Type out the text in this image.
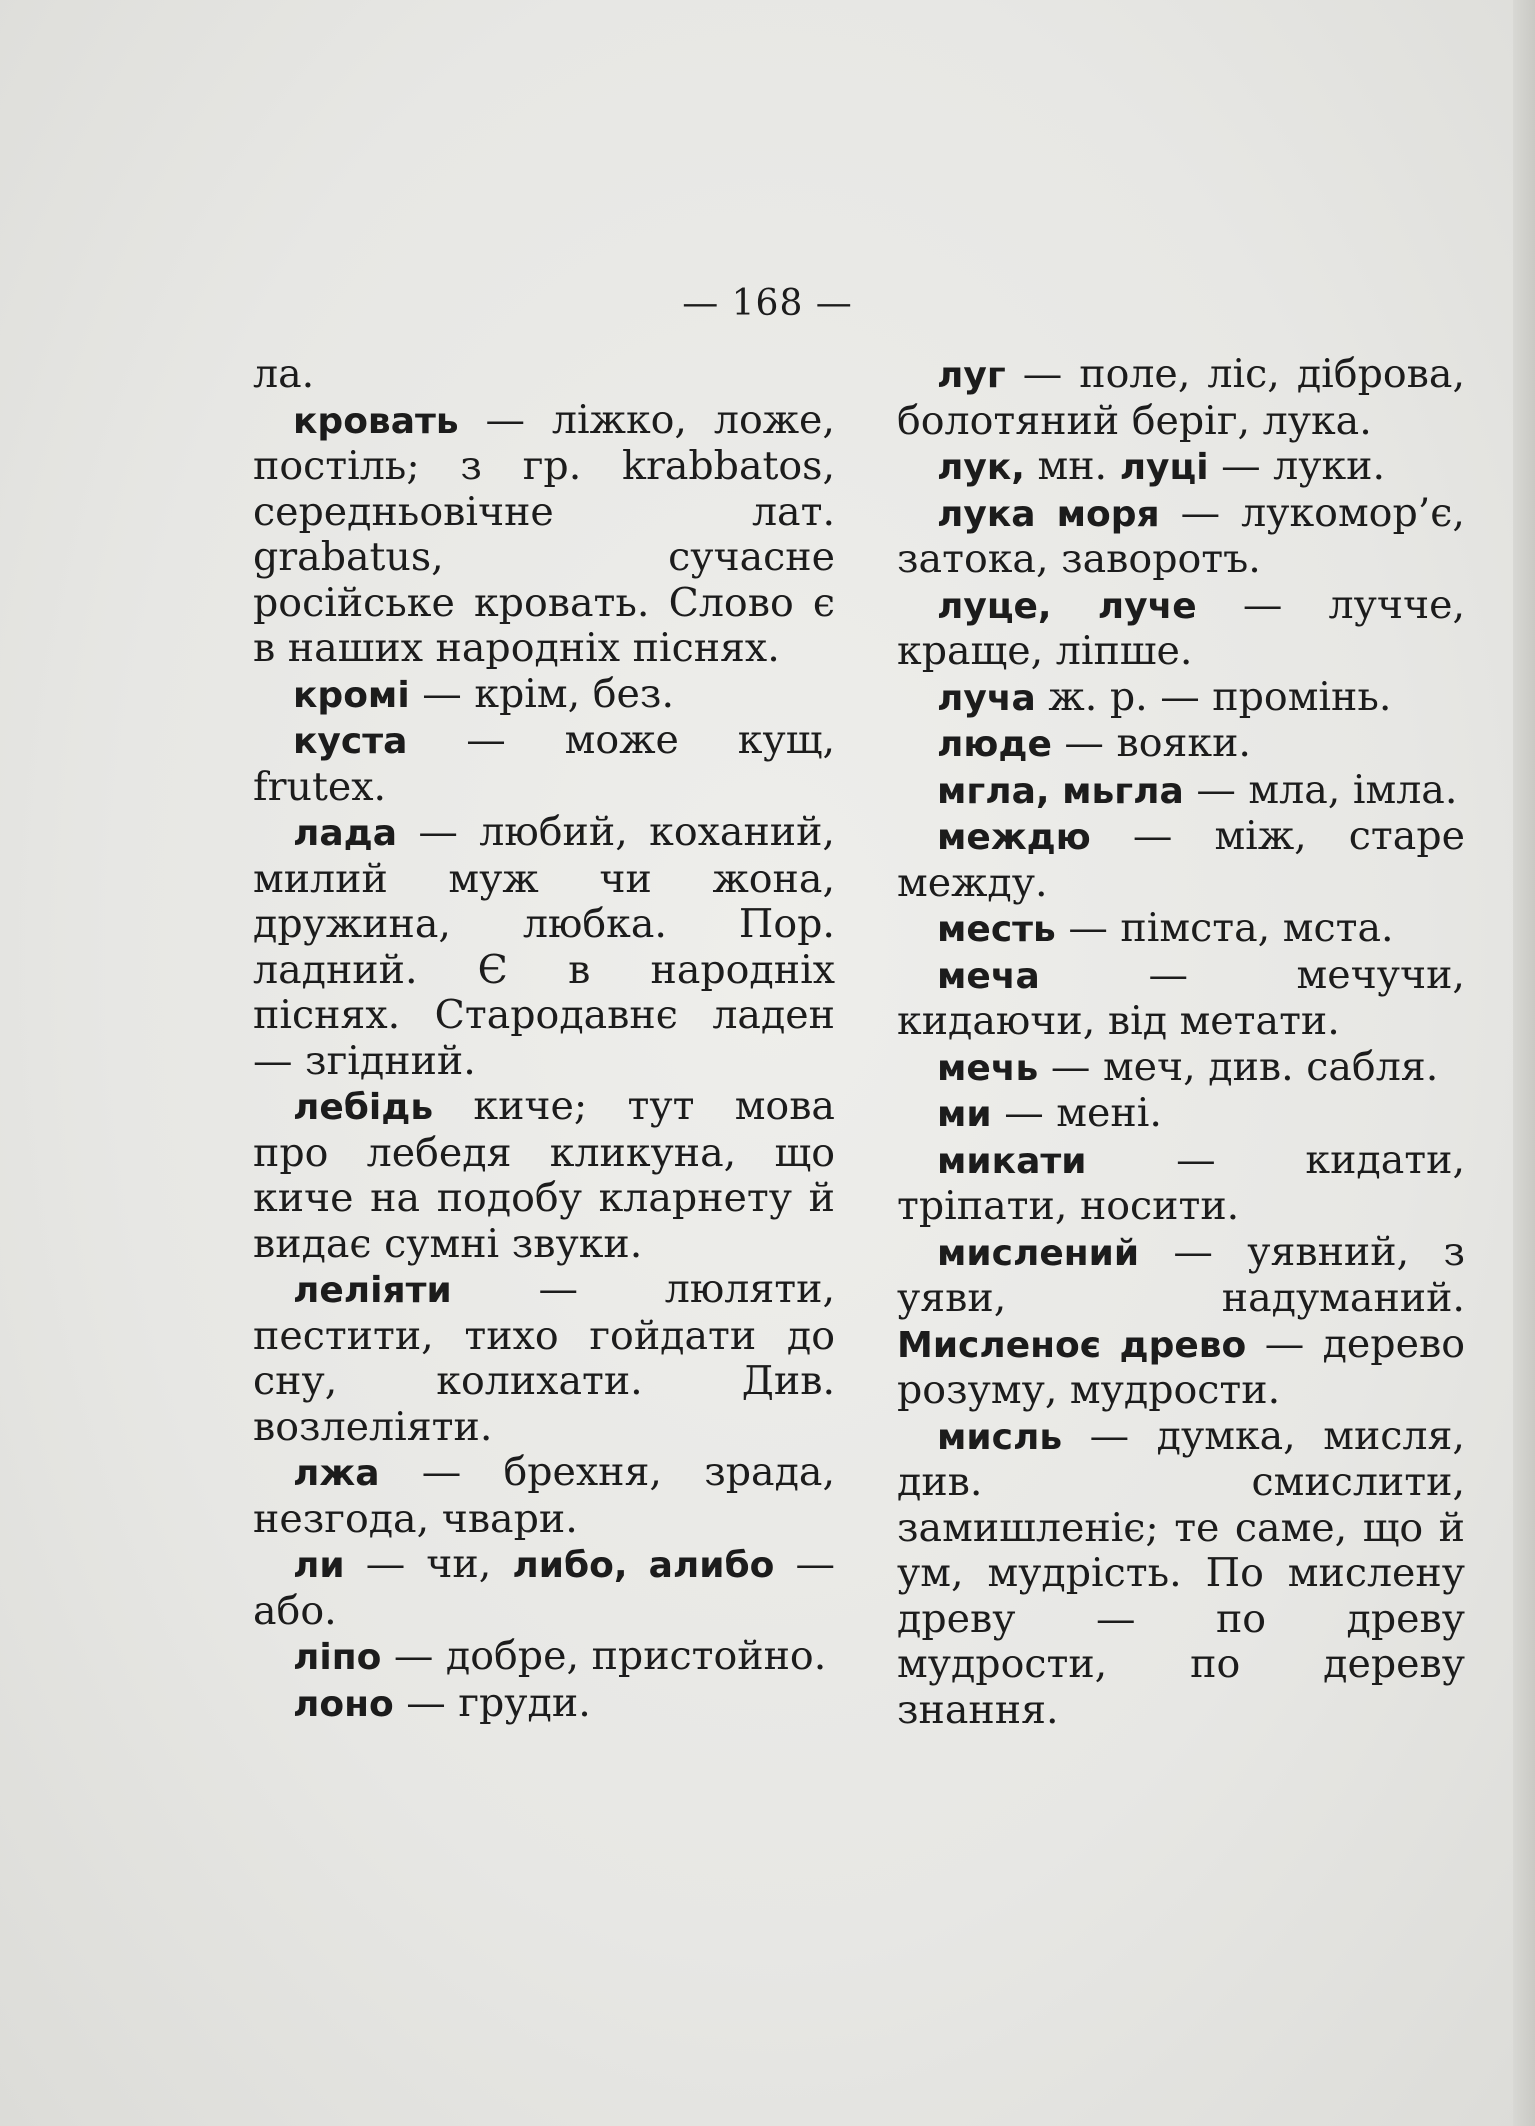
— 168 —
ла.
кровать — ліжко, ложе, постіль; з гр. krabbatos, середньовічне лат. grabatus, сучасне російське кровать. Слово є в наших народніх піснях.
кромі — крім, без.
куста — може кущ, frutex.
лада — любий, коханий, милий муж чи жона, дружина, любка. Пор. ладний. Є в народніх піснях. Стародавнє ладен — згідний.
лебідь киче; тут мова про лебедя кликуна, що киче на подобу кларнету й видає сумні звуки.
леліяти — люляти, пестити, тихо гойдати до сну, колихати. Див. возлеліяти.
лжа — брехня, зрада, незгода, чвари.
ли — чи, либо, алибо — або.
ліпо — добре, пристойно.
лоно — груди.
луг — поле, ліс, діброва, болотяний беріг, лука.
лук, мн. луці — луки.
лука моря — лукомор’є, затока, заворотъ.
луце, луче — лучче, краще, ліпше.
луча ж. р. — промінь.
люде — вояки.
мгла, мьгла — мла, імла.
междю — між, старе между.
месть — пімста, мста.
меча — мечучи, кидаючи, від метати.
мечь — меч, див. сабля.
ми — мені.
микати — кидати, тріпати, носити.
мислений — уявний, з уяви, надуманий. Мисленоє древо — дерево розуму, мудрости.
мисль — думка, мисля, див. смислити, замишленіє; те саме, що й ум, мудрість. По мислену древу — по древу мудрости, по дереву знання.
